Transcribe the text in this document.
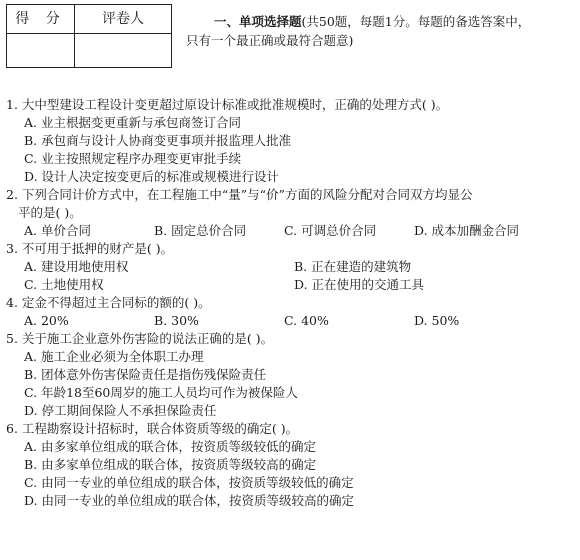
得 分	评卷人	一、单项选择题(共50题，每题1分。每题的备选答案中，
只有一个最正确或最符合题意)
1. 大中型建设工程设计变更超过原设计标准或批准规模时，正确的处理方式( )。
A. 业主根据变更重新与承包商签订合同
B. 承包商与设计人协商变更事项并报监理人批准
C. 业主按照规定程序办理变更审批手续
D. 设计人决定按变更后的标准或规模进行设计
2. 下列合同计价方式中，在工程施工中“量”与“价”方面的风险分配对合同双方均显公
平的是( )。
A. 单价合同	B. 固定总价合同	C. 可调总价合同	D. 成本加酬金合同
3. 不可用于抵押的财产是( )。
A. 建设用地使用权	B. 正在建造的建筑物
C. 土地使用权	D. 正在使用的交通工具
4. 定金不得超过主合同标的额的( )。
A. 20%	B. 30%	C. 40%	D. 50%
5. 关于施工企业意外伤害险的说法正确的是( )。
A. 施工企业必须为全体职工办理
B. 团体意外伤害保险责任是指伤残保险责任
C. 年龄18至60周岁的施工人员均可作为被保险人
D. 停工期间保险人不承担保险责任
6. 工程勘察设计招标时，联合体资质等级的确定( )。
A. 由多家单位组成的联合体，按资质等级较低的确定
B. 由多家单位组成的联合体，按资质等级较高的确定
C. 由同一专业的单位组成的联合体，按资质等级较低的确定
D. 由同一专业的单位组成的联合体，按资质等级较高的确定
